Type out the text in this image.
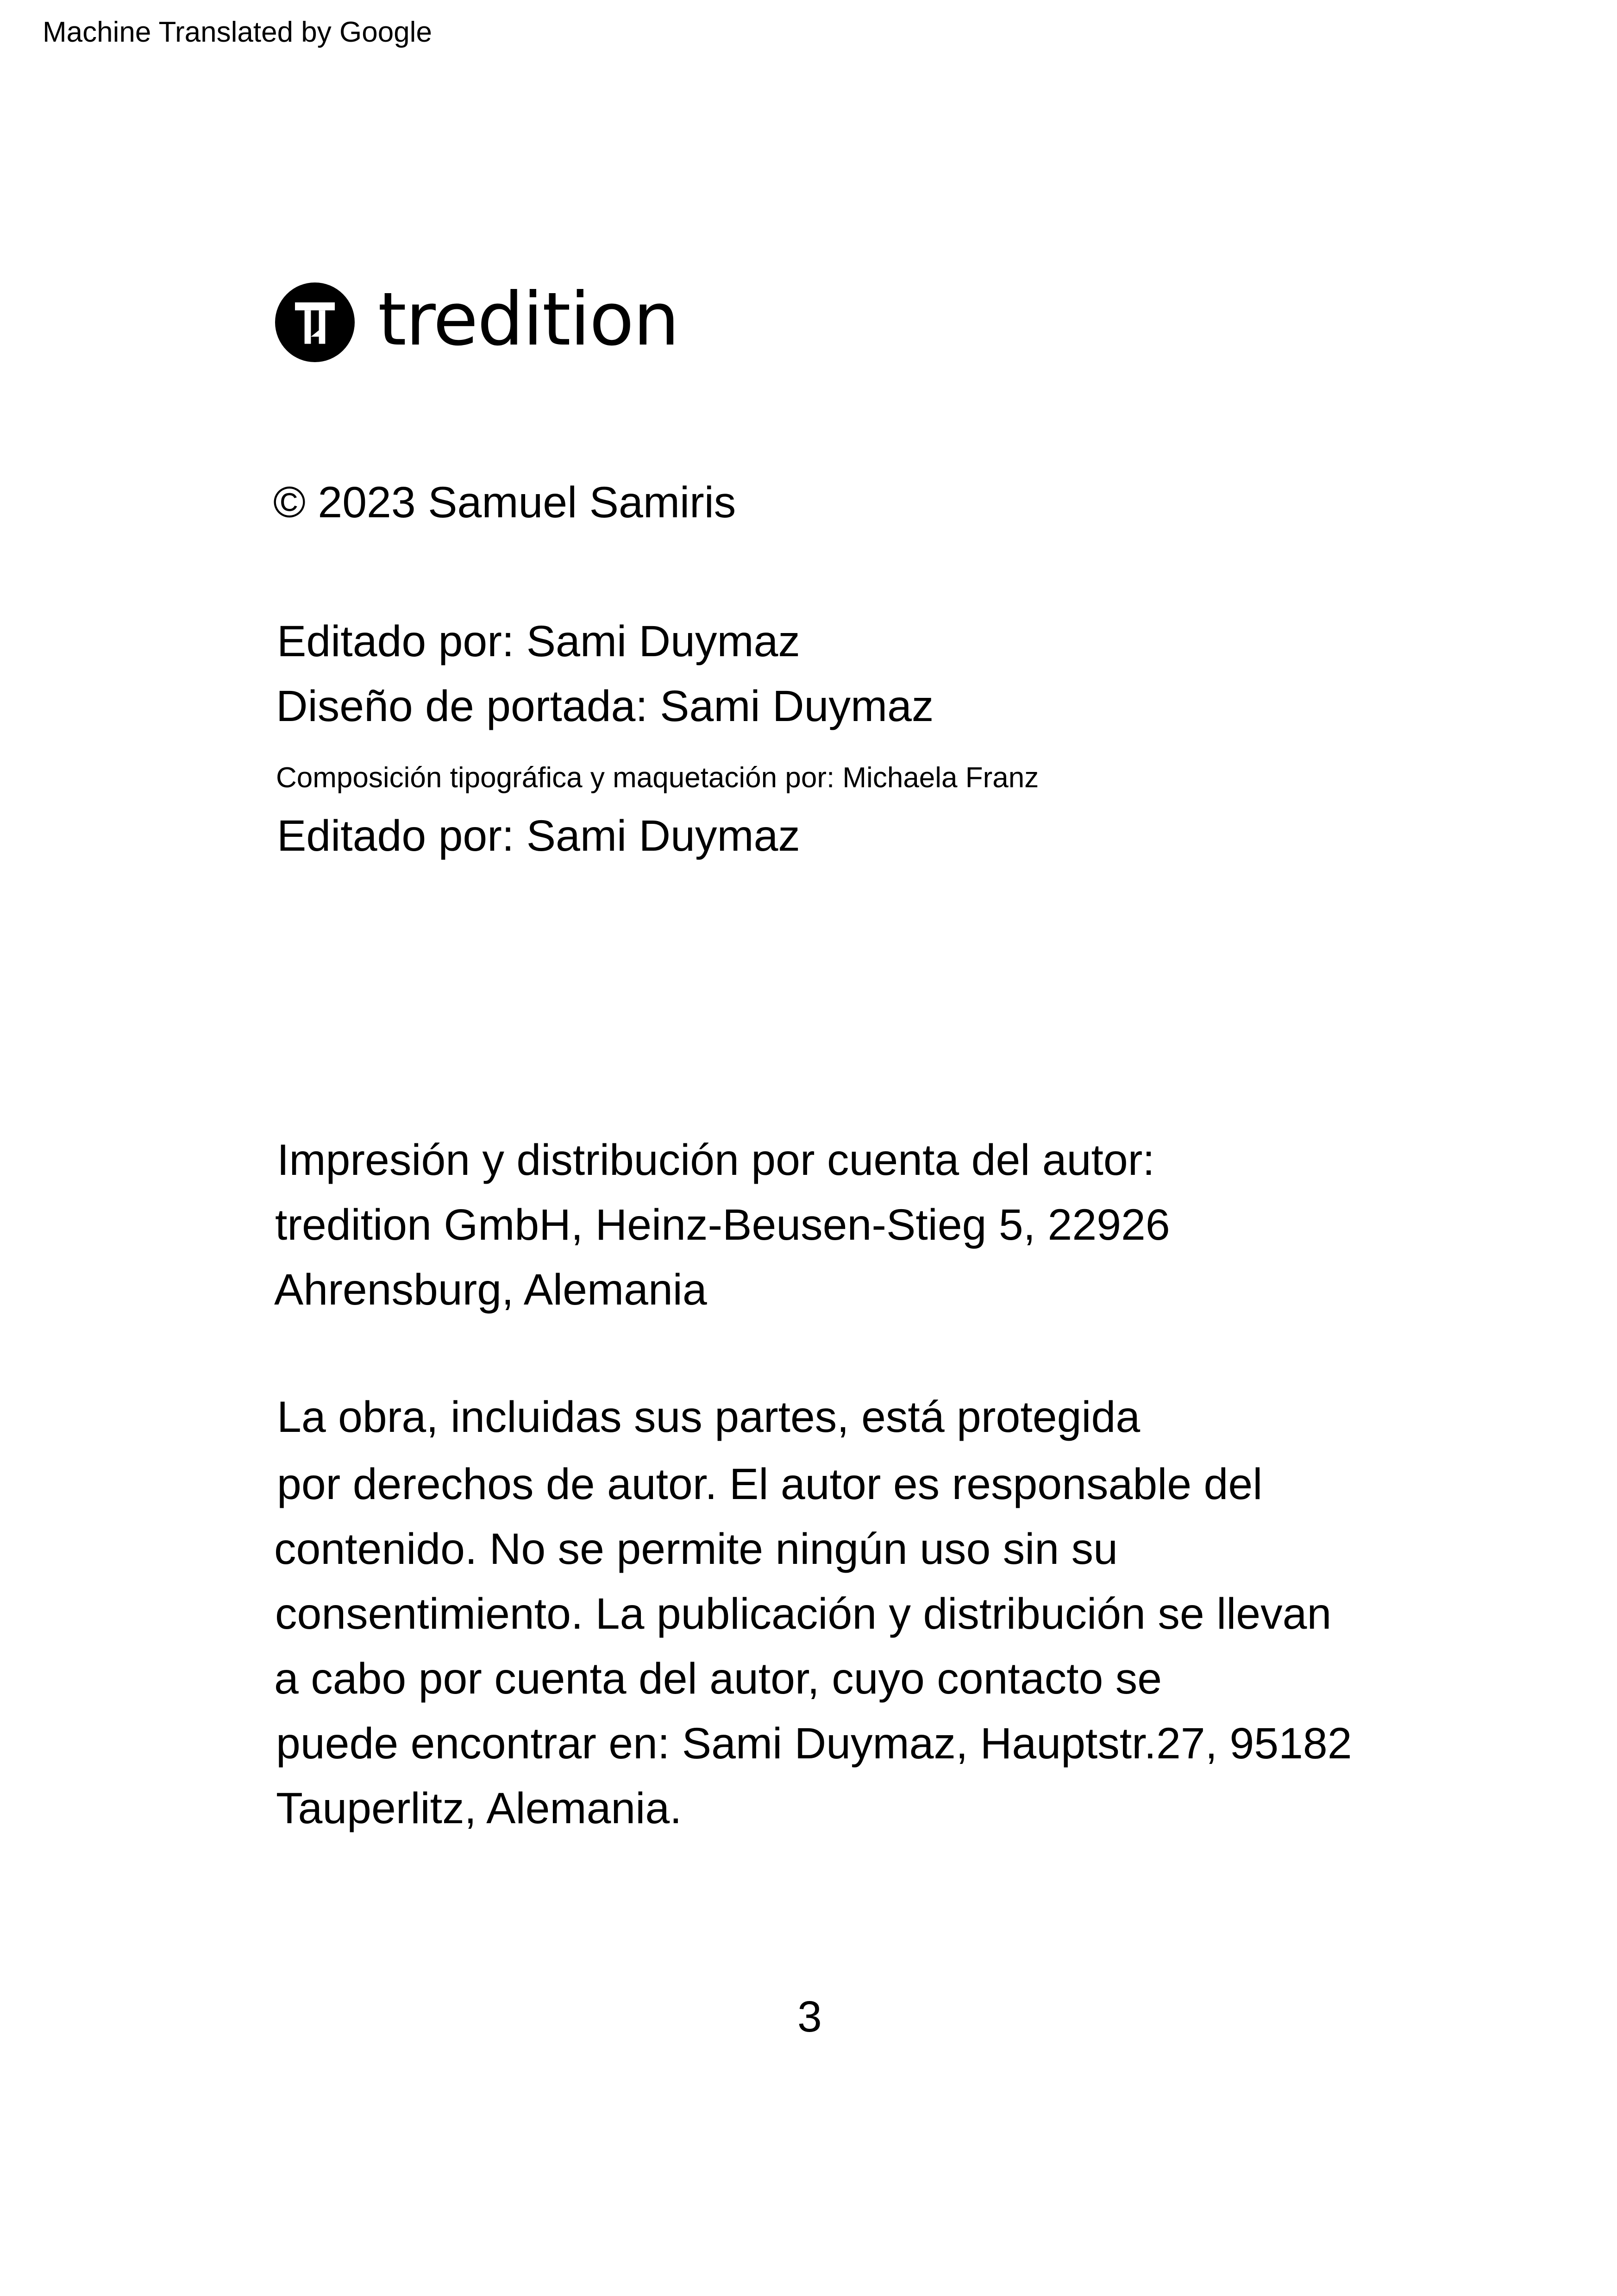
Machine Translated by Google
tredition
© 2023 Samuel Samiris
Editado por: Sami Duymaz
Diseño de portada: Sami Duymaz
Composición tipográfica y maquetación por: Michaela Franz
Editado por: Sami Duymaz
Impresión y distribución por cuenta del autor:
tredition GmbH, Heinz-Beusen-Stieg 5, 22926
Ahrensburg, Alemania
La obra, incluidas sus partes, está protegida
por derechos de autor. El autor es responsable del
contenido. No se permite ningún uso sin su
consentimiento. La publicación y distribución se llevan
a cabo por cuenta del autor, cuyo contacto se
puede encontrar en: Sami Duymaz, Hauptstr.27, 95182
Tauperlitz, Alemania.
3
